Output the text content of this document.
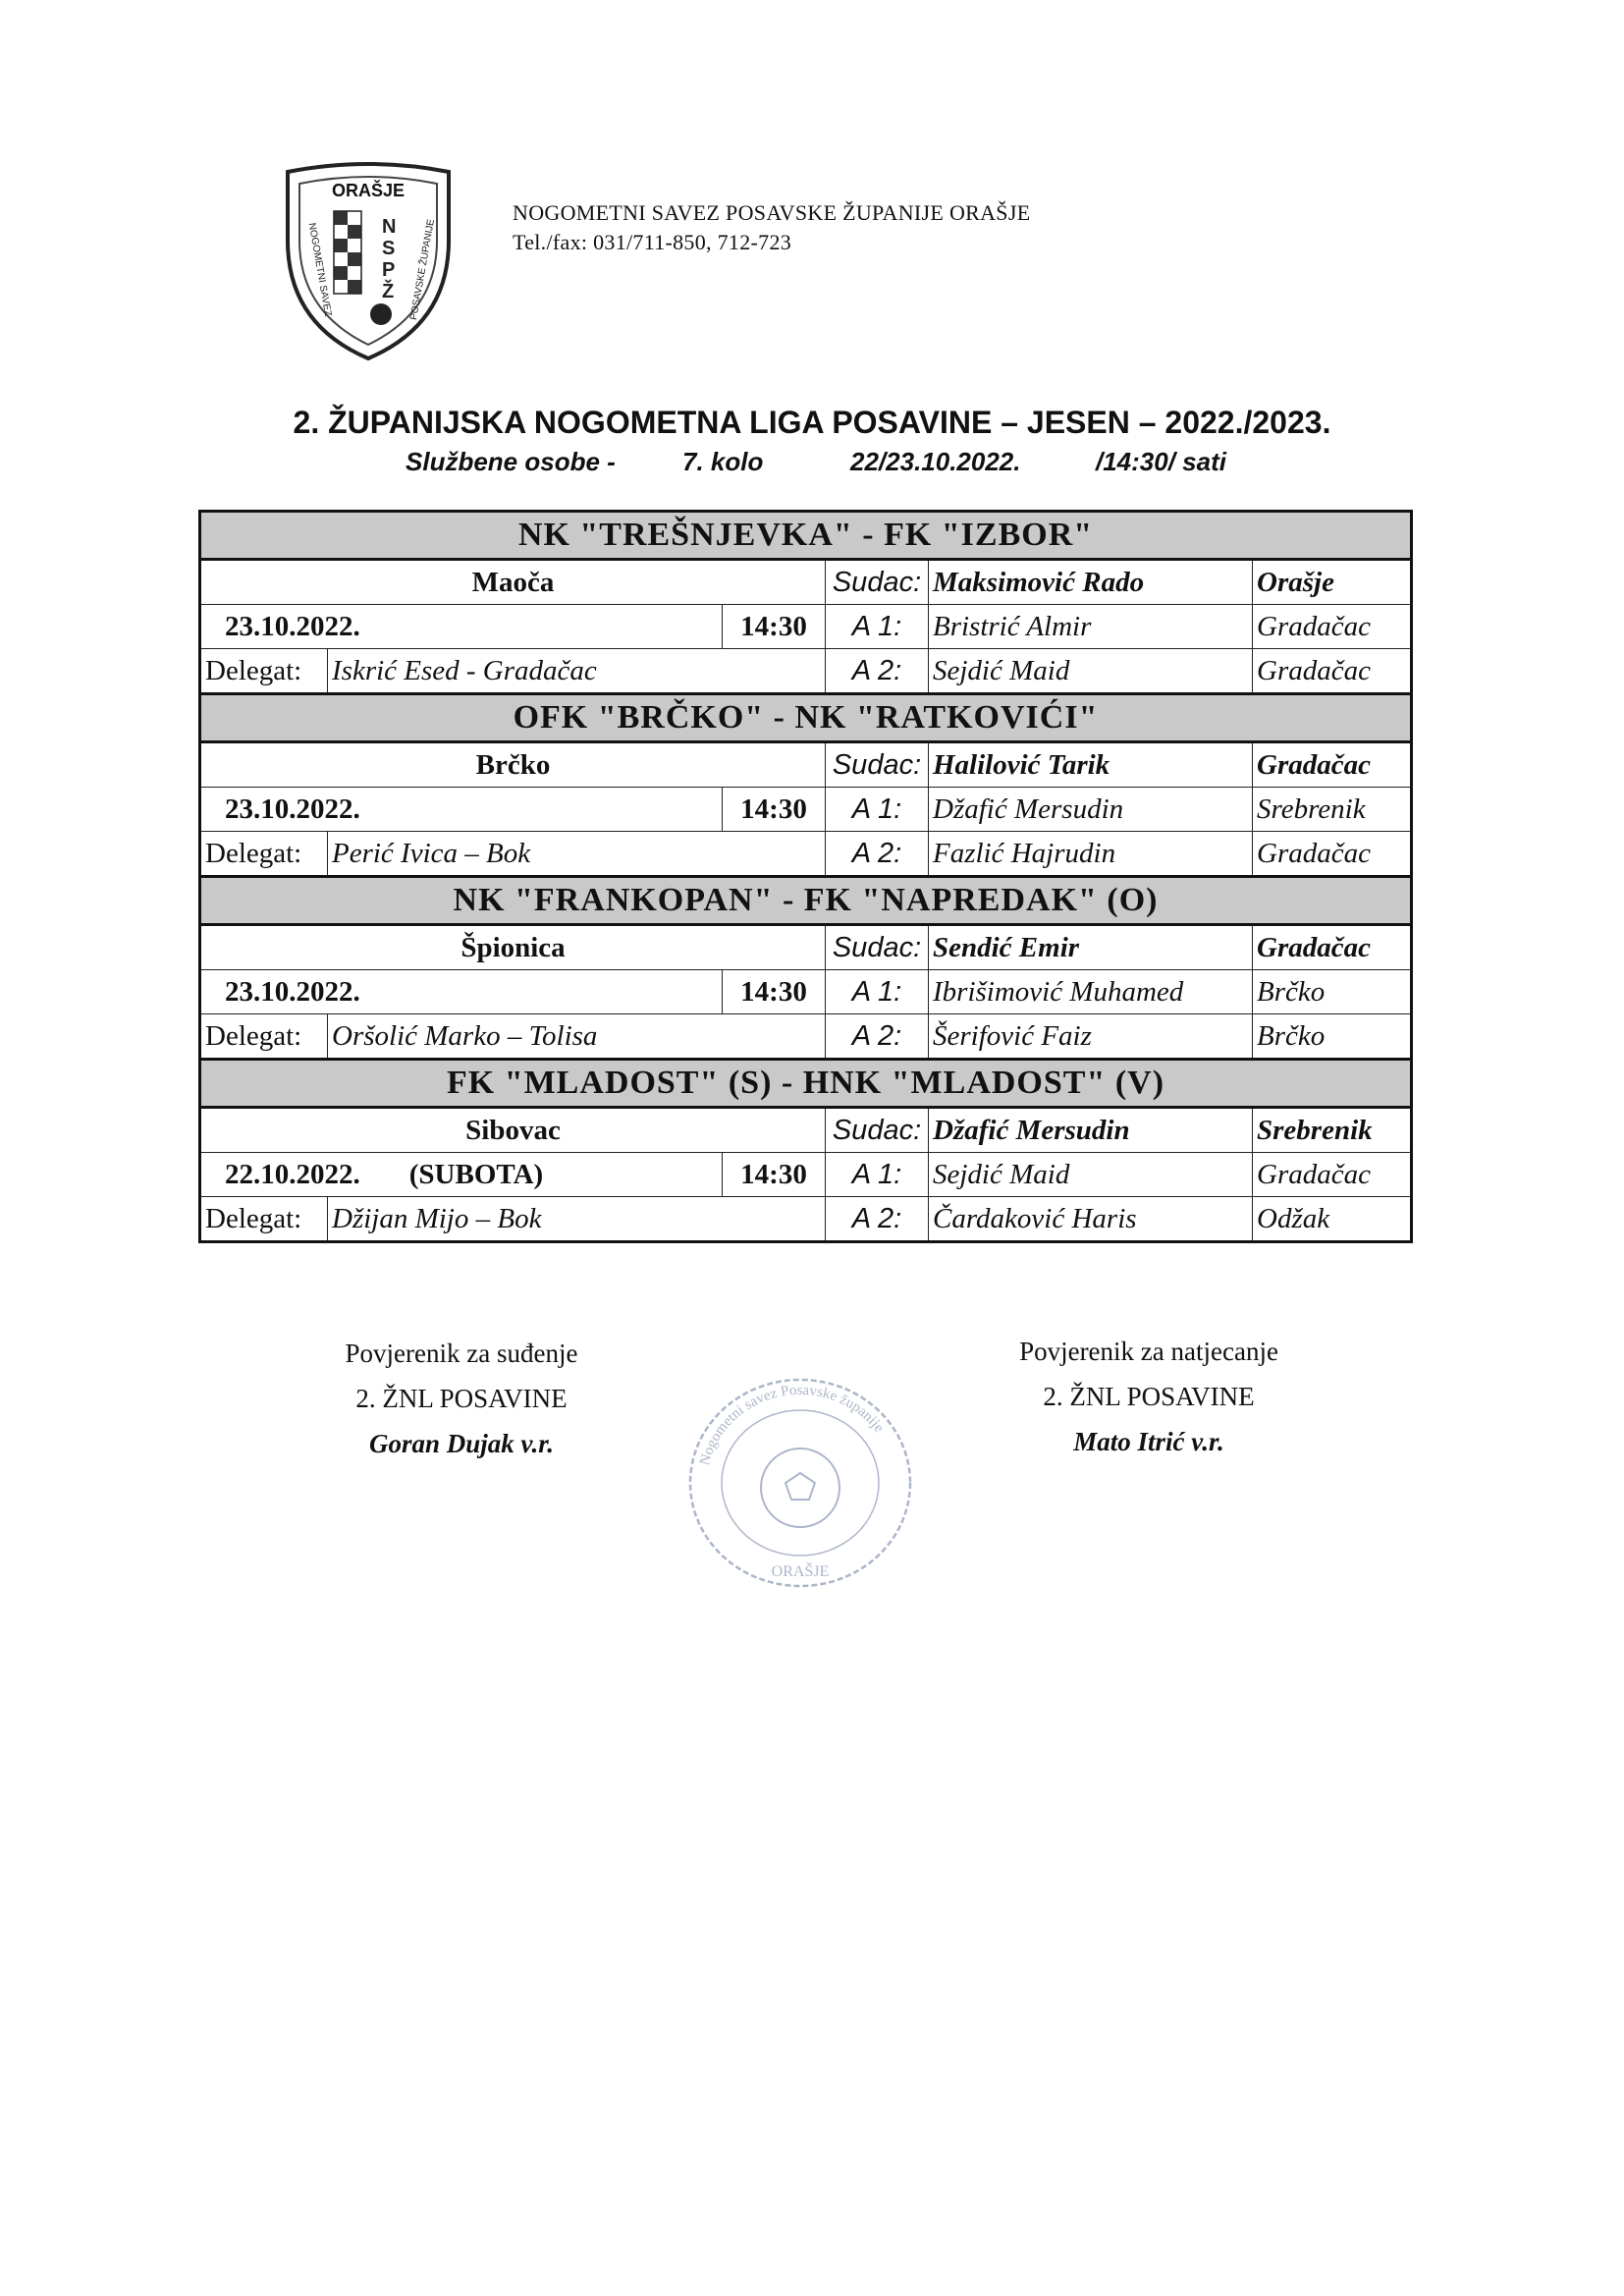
ORAŠJE
N
S
P
Ž
NOGOMETNI SAVEZ	POSAVSKE ŽUPANIJE
NOGOMETNI SAVEZ POSAVSKE ŽUPANIJE ORAŠJE
Tel./fax: 031/711-850, 712-723
2. ŽUPANIJSKA NOGOMETNA LIGA POSAVINE – JESEN – 2022./2023.
Službene osobe -	7. kolo	22/23.10.2022.	/14:30/ sati
NK "TREŠNJEVKA" - FK "IZBOR"					
Maoča			Sudac:	Maksimović Rado	Orašje
23.10.2022.		14:30	A 1:	Bristrić Almir	Gradačac
Delegat:	Iskrić Esed - Gradačac		A 2:	Sejdić Maid	Gradačac
OFK "BRČKO" - NK "RATKOVIĆI"					
Brčko			Sudac:	Halilović Tarik	Gradačac
23.10.2022.		14:30	A 1:	Džafić Mersudin	Srebrenik
Delegat:	Perić Ivica – Bok		A 2:	Fazlić Hajrudin	Gradačac
NK "FRANKOPAN" - FK "NAPREDAK" (O)					
Špionica			Sudac:	Sendić Emir	Gradačac
23.10.2022.		14:30	A 1:	Ibrišimović Muhamed	Brčko
Delegat:	Oršolić Marko – Tolisa		A 2:	Šerifović Faiz	Brčko
FK "MLADOST" (S) - HNK "MLADOST" (V)					
Sibovac			Sudac:	Džafić Mersudin	Srebrenik
22.10.2022. (SUBOTA)		14:30	A 1:	Sejdić Maid	Gradačac
Delegat:	Džijan Mijo – Bok		A 2:	Čardaković Haris	Odžak
Povjerenik za suđenje
2. ŽNL POSAVINE
Goran Dujak v.r.
Povjerenik za natjecanje
2. ŽNL POSAVINE
Mato Itrić v.r.
Nogometni savez Posavske županije
ORAŠJE
